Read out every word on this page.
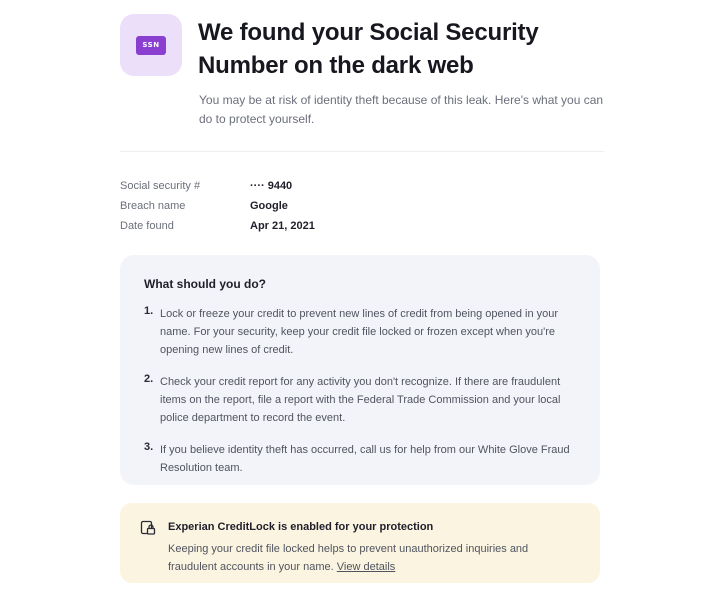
SSN We found your Social Security Number on the dark web

You may be at risk of identity theft because of this leak. Here's what you can do to protect yourself.

Social security #	···· 9440
Breach name	Google
Date found	Apr 21, 2021
What should you do?
1. Lock or freeze your credit to prevent new lines of credit from being opened in your name. For your security, keep your credit file locked or frozen except when you're opening new lines of credit.
2. Check your credit report for any activity you don't recognize. If there are fraudulent items on the report, file a report with the Federal Trade Commission and your local police department to record the event.
3. If you believe identity theft has occurred, call us for help from our White Glove Fraud Resolution team.
Experian CreditLock is enabled for your protection

Keeping your credit file locked helps to prevent unauthorized inquiries and fraudulent accounts in your name. View details
